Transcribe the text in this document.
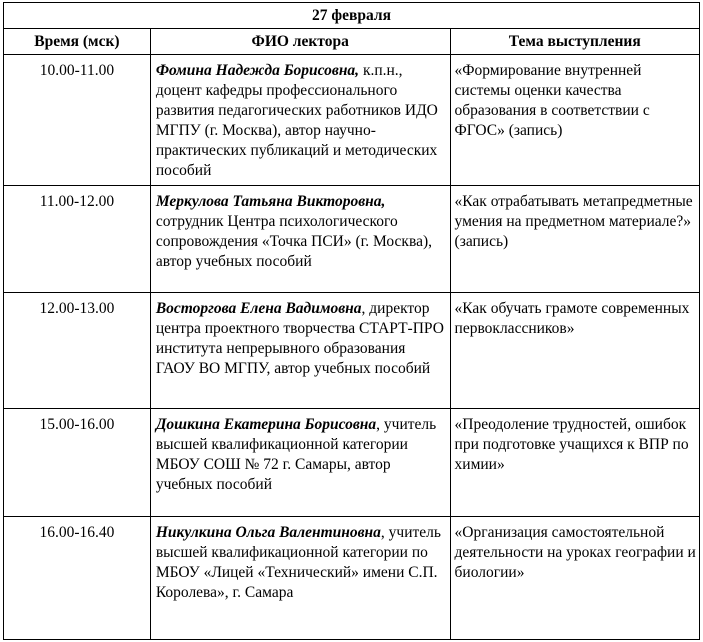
27 февраля		
Время (мск)	ФИО лектора	Тема выступления
10.00-11.00	Фомина Надежда Борисовна, к.п.н., доцент кафедры профессионального развития педагогических работников ИДО МГПУ (г. Москва), автор научно-практических публикаций и методических пособий	«Формирование внутренней системы оценки качества образования в соответствии с ФГОС» (запись)
11.00-12.00	Меркулова Татьяна Викторовна, сотрудник Центра психологического сопровождения «Точка ПСИ» (г. Москва), автор учебных пособий	«Как отрабатывать метапредметные умения на предметном материале?» (запись)
12.00-13.00	Восторгова Елена Вадимовна, директор центра проектного творчества СТАРТ-ПРО института непрерывного образования ГАОУ ВО МГПУ, автор учебных пособий	«Как обучать грамоте современных первоклассников»
15.00-16.00	Дошкина Екатерина Борисовна, учитель высшей квалификационной категории МБОУ СОШ № 72 г. Самары, автор учебных пособий	«Преодоление трудностей, ошибок при подготовке учащихся к ВПР по химии»
16.00-16.40	Никулкина Ольга Валентиновна, учитель высшей квалификационной категории по МБОУ «Лицей «Технический» имени С.П. Королева», г. Самара	«Организация самостоятельной деятельности на уроках географии и биологии»
